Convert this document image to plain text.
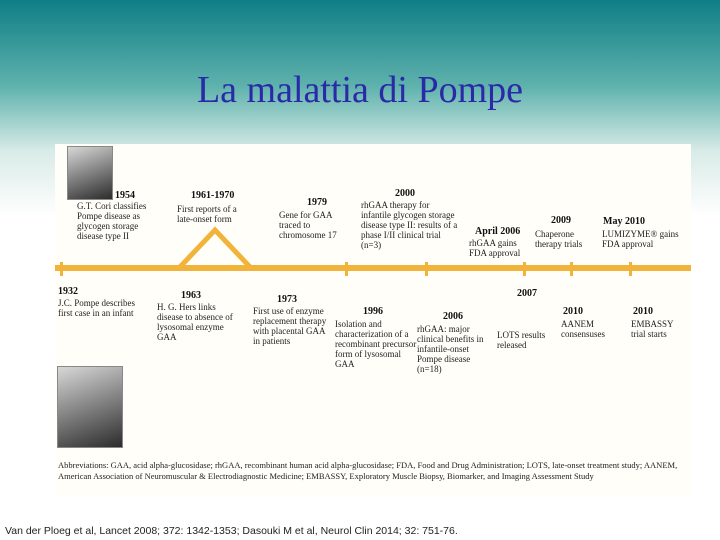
La malattia di Pompe
1954
G.T. Cori classifies Pompe disease as glycogen storage disease type II
1961-1970
First reports of a late-onset form
1979
Gene for GAA traced to chromosome 17
2000
rhGAA therapy for infantile glycogen storage disease type II: results of a phase I/II clinical trial (n=3)
April 2006
rhGAA gains FDA approval
2009
Chaperone therapy trials
May 2010
LUMIZYME® gains FDA approval
1932
J.C. Pompe describes first case in an infant
1963
H. G. Hers links disease to absence of lysosomal enzyme GAA
1973
First use of enzyme replacement therapy with placental GAA in patients
1996
Isolation and characterization of a recombinant precursor form of lysosomal GAA
2006
rhGAA: major clinical benefits in infantile-onset Pompe disease (n=18)
2007
LOTS results released
2010
AANEM consensuses
2010
EMBASSY trial starts
Abbreviations: GAA, acid alpha-glucosidase; rhGAA, recombinant human acid alpha-glucosidase; FDA, Food and Drug Administration; LOTS, late-onset treatment study; AANEM, American Association of Neuromuscular & Electrodiagnostic Medicine; EMBASSY, Exploratory Muscle Biopsy, Biomarker, and Imaging Assessment Study
Van der Ploeg et al, Lancet 2008; 372: 1342-1353; Dasouki M et al, Neurol Clin 2014; 32: 751-76.
